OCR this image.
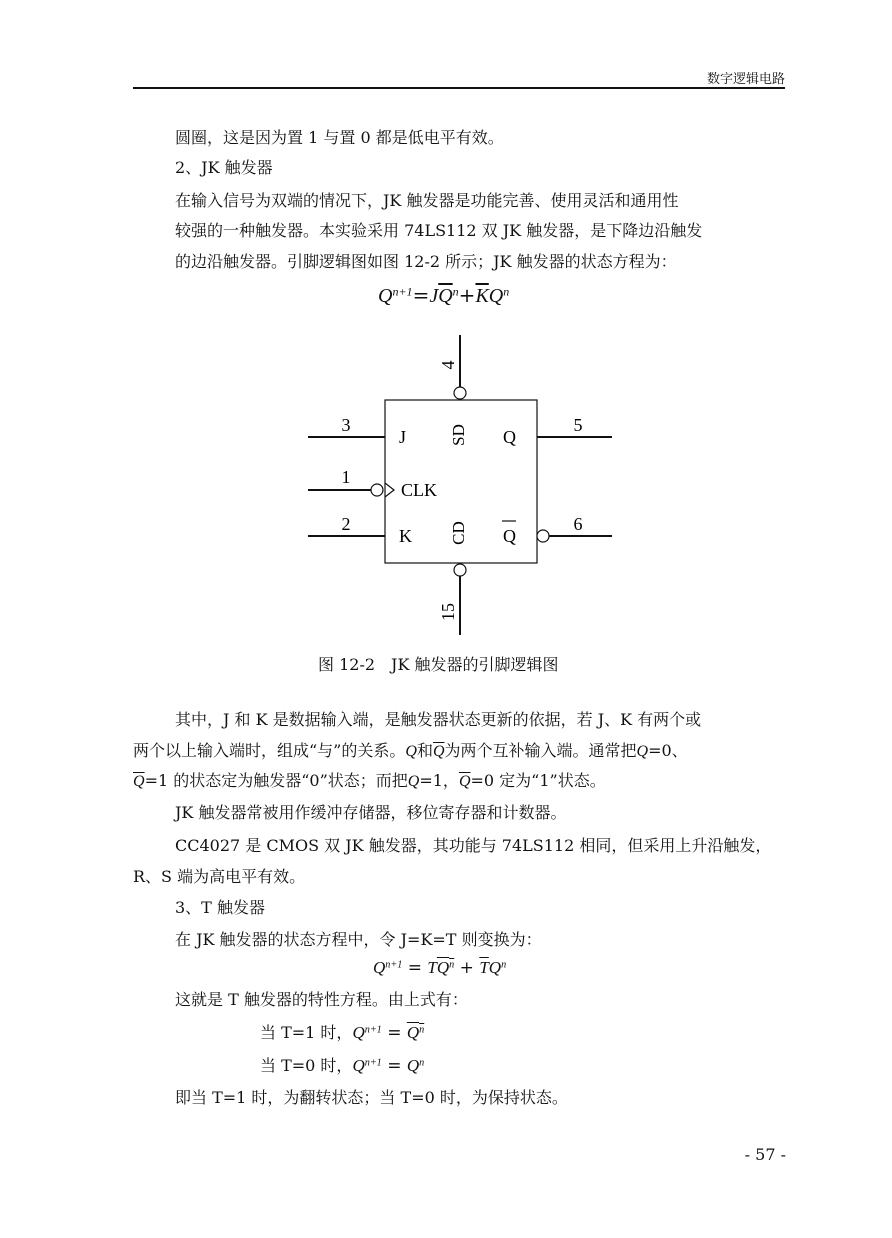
数字逻辑电路
圆圈，这是因为置 1 与置 0 都是低电平有效。
2、JK 触发器
在输入信号为双端的情况下，JK 触发器是功能完善、使用灵活和通用性
较强的一种触发器。本实验采用 74LS112 双 JK 触发器，是下降边沿触发
的边沿触发器。引脚逻辑图如图 12-2 所示；JK 触发器的状态方程为：
$Q^{n+1}=J\overline{Q}^n+\overline{K}Q^n$
4
3
1
2
5
6
15
J
CLK
K
SD
CD
Q
Q
图 12-2　JK 触发器的引脚逻辑图
其中，J 和 K 是数据输入端，是触发器状态更新的依据，若 J、K 有两个或
两个以上输入端时，组成“与”的关系。Q和$\overline{Q}$为两个互补输入端。通常把Q=0、
$\overline{Q}=1$ 的状态定为触发器“0”状态；而把Q=1，$\overline{Q}=0$ 定为“1”状态。
JK 触发器常被用作缓冲存储器，移位寄存器和计数器。
CC4027 是 CMOS 双 JK 触发器，其功能与 74LS112 相同，但采用上升沿触发，
R、S 端为高电平有效。
3、T 触发器
在 JK 触发器的状态方程中，令 J=K=T 则变换为：
$Q^{n+1} = TQ^n + \overline{T}Q^n$
这就是 T 触发器的特性方程。由上式有：
当 T=1 时，$Q^{n+1} = Q^n$
当 T=0 时，$Q^{n+1} = Q^n$
即当 T=1 时，为翻转状态；当 T=0 时，为保持状态。
- 57 -
